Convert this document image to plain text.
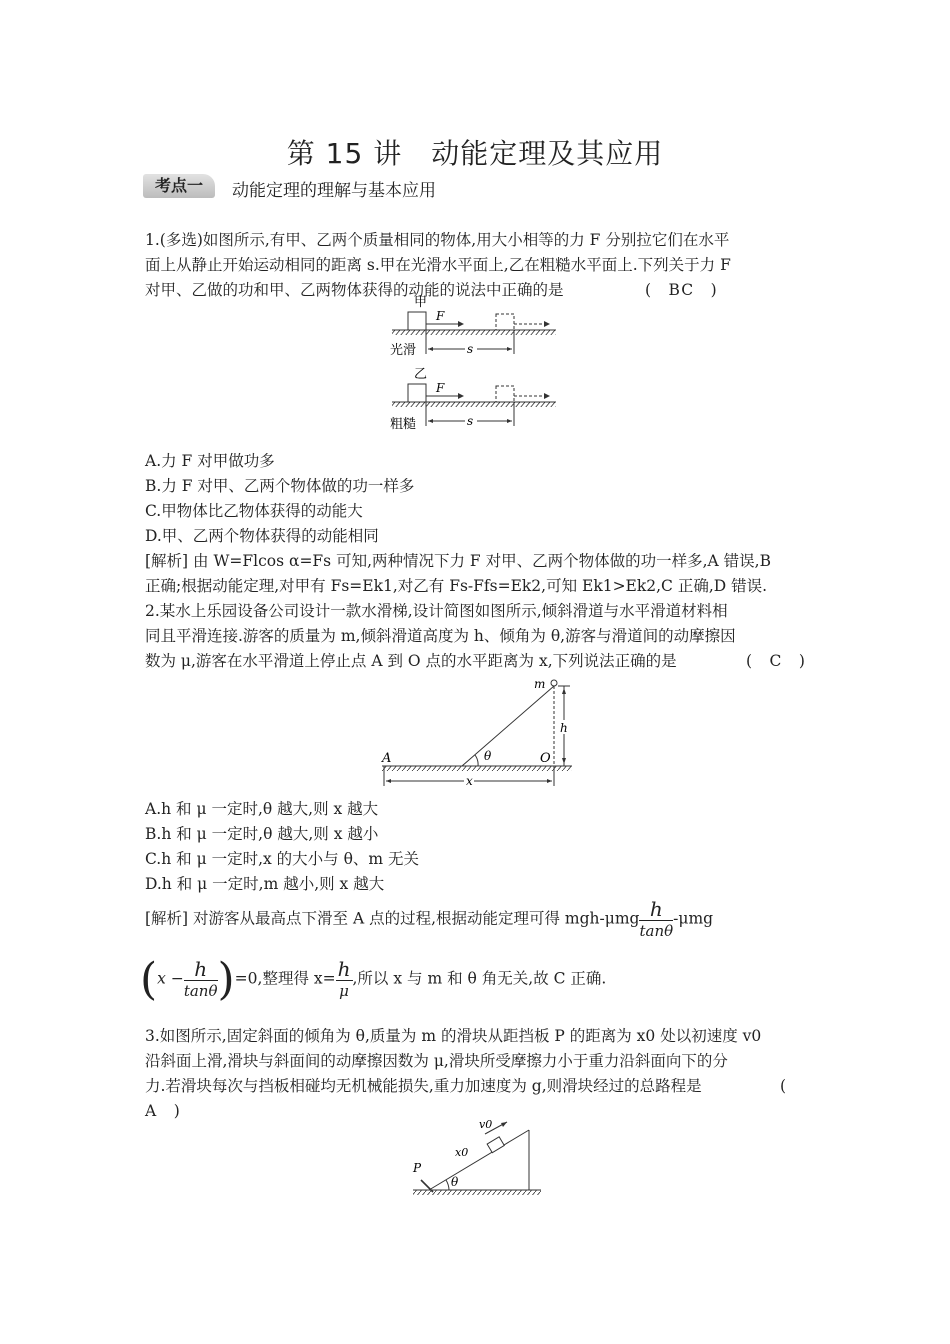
第 15 讲　动能定理及其应用
考点一	动能定理的理解与基本应用
1.(多选)如图所示,有甲、乙两个质量相同的物体,用大小相等的力 F 分别拉它们在水平
面上从静止开始运动相同的距离 s.甲在光滑水平面上,乙在粗糙水平面上.下列关于力 F
对甲、乙做的功和甲、乙两物体获得的动能的说法中正确的是	(　BC　)
甲
F
s
光滑
乙
F
s
粗糙
A.力 F 对甲做功多
B.力 F 对甲、乙两个物体做的功一样多
C.甲物体比乙物体获得的动能大
D.甲、乙两个物体获得的动能相同
[解析] 由 W=Flcos α=Fs 可知,两种情况下力 F 对甲、乙两个物体做的功一样多,A 错误,B
正确;根据动能定理,对甲有 Fs=Ek1,对乙有 Fs-Ffs=Ek2,可知 Ek1>Ek2,C 正确,D 错误.
2.某水上乐园设备公司设计一款水滑梯,设计简图如图所示,倾斜滑道与水平滑道材料相
同且平滑连接.游客的质量为 m,倾斜滑道高度为 h、倾角为 θ,游客与滑道间的动摩擦因
数为 μ,游客在水平滑道上停止点 A 到 O 点的水平距离为 x,下列说法正确的是	(　C　)
h
m
θ
A	O
x
A.h 和 μ 一定时,θ 越大,则 x 越大
B.h 和 μ 一定时,θ 越大,则 x 越小
C.h 和 μ 一定时,x 的大小与 θ、m 无关
D.h 和 μ 一定时,m 越小,则 x 越大
[解析] 对游客从最高点下滑至 A 点的过程,根据动能定理可得 $mgh-\mu mg \frac{h}{\tan\theta} -\mu mg$
$(x - \frac{h}{\tan\theta} )=0$,整理得 $x= \frac{h}{\mu}$ ,所以 x 与 m 和 θ 角无关,故 C 正确.
3.如图所示,固定斜面的倾角为 θ,质量为 m 的滑块从距挡板 P 的距离为 x0 处以初速度 v0
沿斜面上滑,滑块与斜面间的动摩擦因数为 μ,滑块所受摩擦力小于重力沿斜面向下的分
力.若滑块每次与挡板相碰均无机械能损失,重力加速度为 g,则滑块经过的总路程是	(
A　)
θ
P
v0
x0
